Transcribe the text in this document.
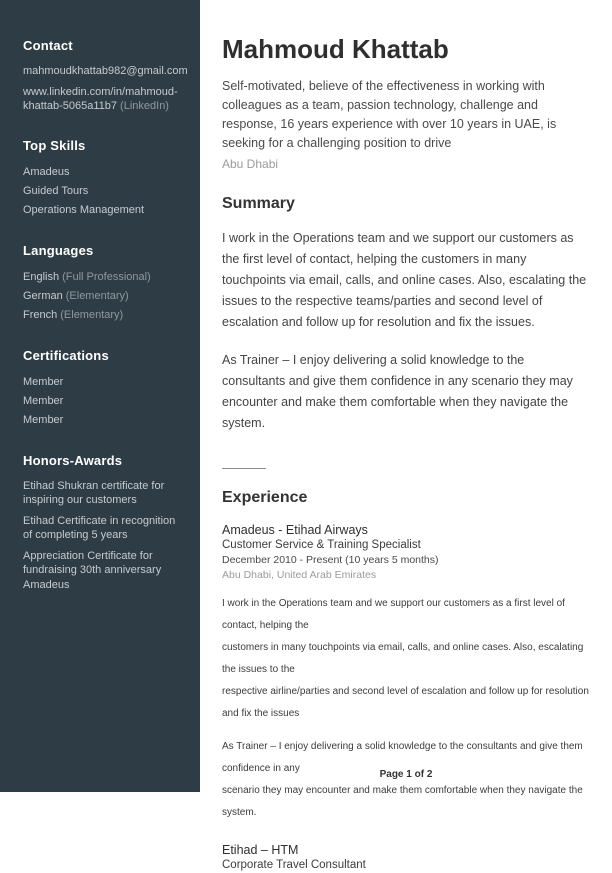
Contact
mahmoudkhattab982@gmail.com
www.linkedin.com/in/mahmoud-khattab-5065a11b7 (LinkedIn)
Top Skills
Amadeus
Guided Tours
Operations Management
Languages
English (Full Professional)
German (Elementary)
French (Elementary)
Certifications
Member
Member
Member
Honors-Awards
Etihad Shukran certificate for inspiring our customers
Etihad Certificate in recognition of completing 5 years
Appreciation Certificate for fundraising 30th anniversary Amadeus
Mahmoud Khattab
Self-motivated, believe of the effectiveness in working with colleagues as a team, passion technology, challenge and response, 16 years experience with over 10 years in UAE, is seeking for a challenging position to drive
Abu Dhabi
Summary

I work in the Operations team and we support our customers as the first level of contact, helping the customers in many touchpoints via email, calls, and online cases. Also, escalating the issues to the respective teams/parties and second level of escalation and follow up for resolution and fix the issues.

As Trainer – I enjoy delivering a solid knowledge to the consultants and give them confidence in any scenario they may encounter and make them comfortable when they navigate the system.

Experience
Amadeus - Etihad Airways
Customer Service & Training Specialist
December 2010 - Present (10 years 5 months)
Abu Dhabi, United Arab Emirates
I work in the Operations team and we support our customers as a first level of contact, helping the
customers in many touchpoints via email, calls, and online cases. Also, escalating the issues to the
respective airline/parties and second level of escalation and follow up for resolution and fix the issues
As Trainer – I enjoy delivering a solid knowledge to the consultants and give them confidence in any
scenario they may encounter and make them comfortable when they navigate the system.
Etihad – HTM
Corporate Travel Consultant
Page 1 of 2
